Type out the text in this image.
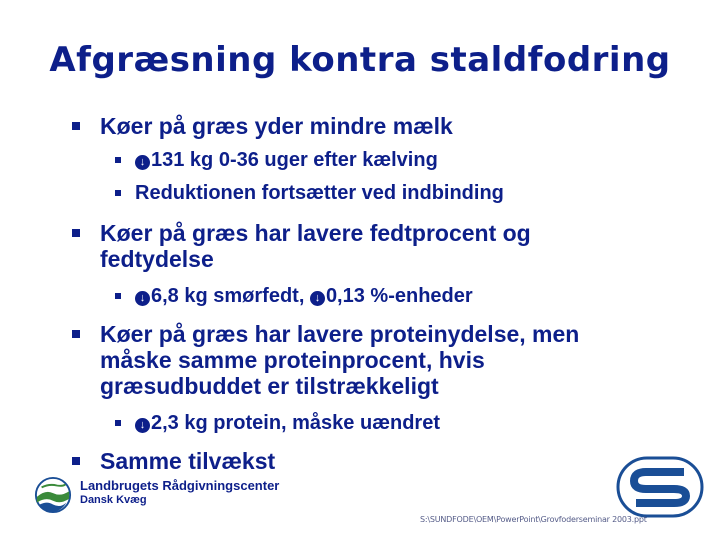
Afgræsning kontra staldfodring
Køer på græs yder mindre mælk
↓ 131 kg 0-36 uger efter kælving
Reduktionen fortsætter ved indbinding
Køer på græs har lavere fedtprocent og fedtydelse
↓ 6,8 kg smørfedt, ↓ 0,13 %-enheder
Køer på græs har lavere proteinydelse, men måske samme proteinprocent, hvis græsudbuddet er tilstrækkeligt
↓ 2,3 kg protein, måske uændret
Samme tilvækst
Landbrugets Rådgivningscenter
Dansk Kvæg
S:\SUNDFODE\OEM\PowerPoint\Grovfoderseminar 2003.ppt
